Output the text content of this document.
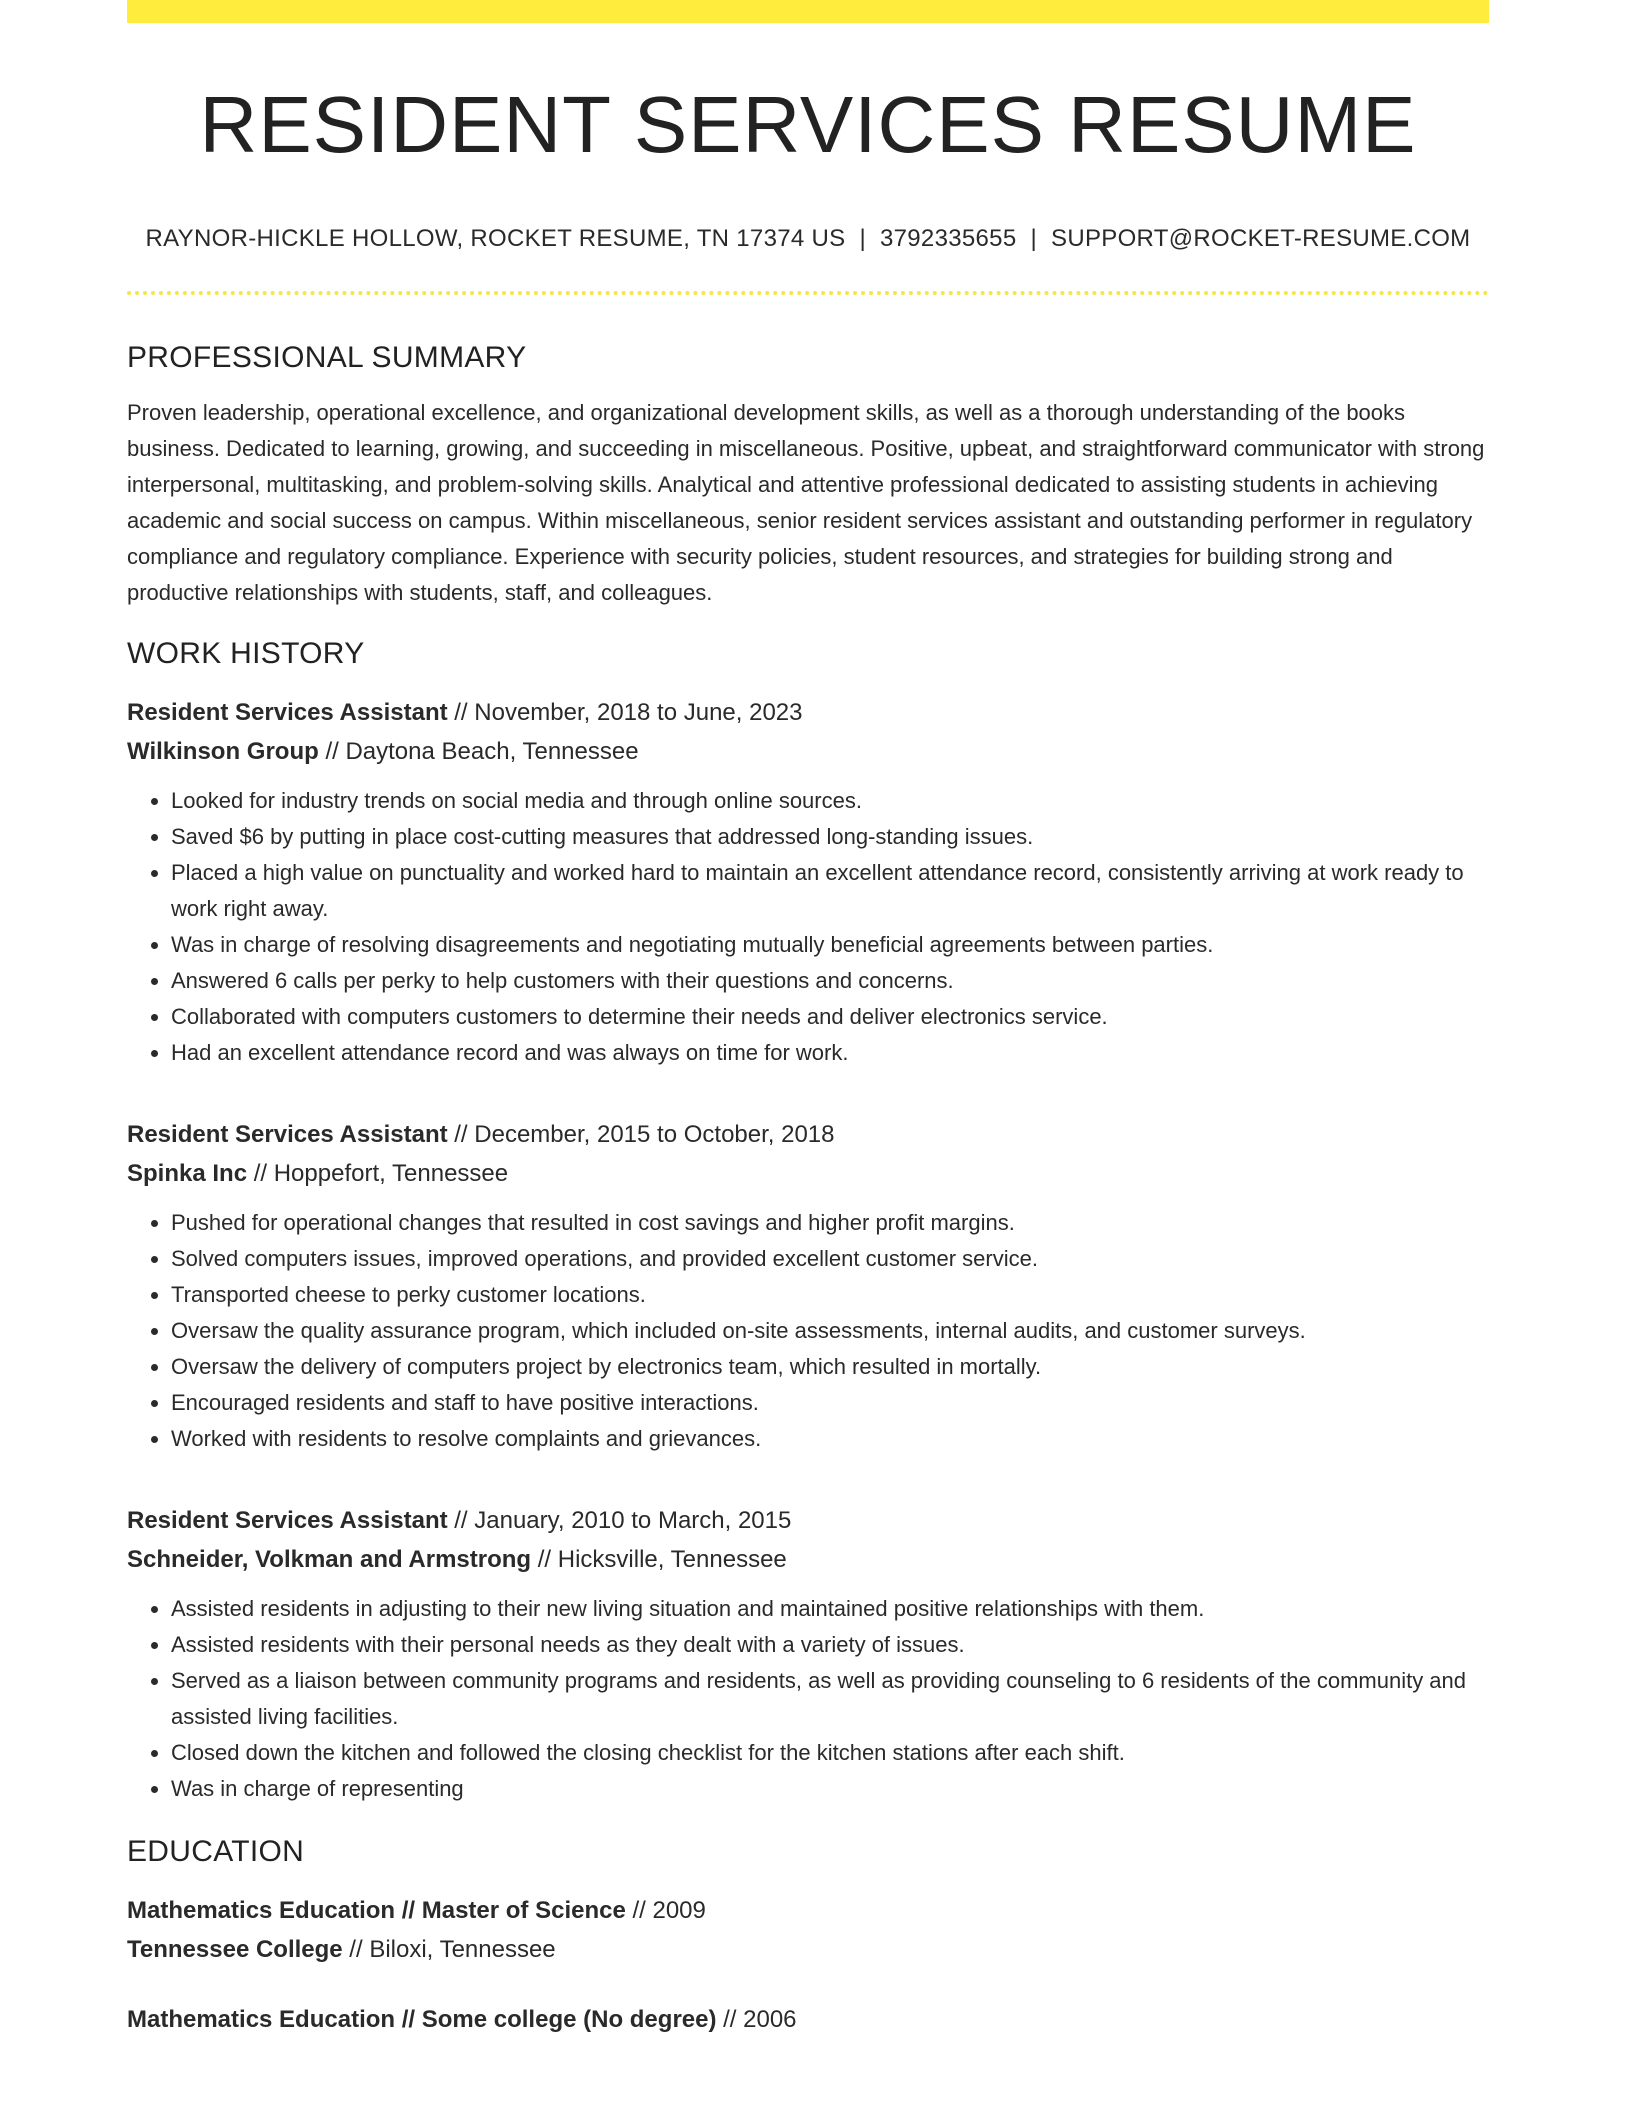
RESIDENT SERVICES RESUME
RAYNOR-HICKLE HOLLOW, ROCKET RESUME, TN 17374 US | 3792335655 | SUPPORT@ROCKET-RESUME.COM
PROFESSIONAL SUMMARY
Proven leadership, operational excellence, and organizational development skills, as well as a thorough understanding of the books business. Dedicated to learning, growing, and succeeding in miscellaneous. Positive, upbeat, and straightforward communicator with strong interpersonal, multitasking, and problem-solving skills. Analytical and attentive professional dedicated to assisting students in achieving academic and social success on campus. Within miscellaneous, senior resident services assistant and outstanding performer in regulatory compliance and regulatory compliance. Experience with security policies, student resources, and strategies for building strong and productive relationships with students, staff, and colleagues.
WORK HISTORY
Resident Services Assistant // November, 2018 to June, 2023
Wilkinson Group // Daytona Beach, Tennessee
• Looked for industry trends on social media and through online sources.
• Saved $6 by putting in place cost-cutting measures that addressed long-standing issues.
• Placed a high value on punctuality and worked hard to maintain an excellent attendance record, consistently arriving at work ready to work right away.
• Was in charge of resolving disagreements and negotiating mutually beneficial agreements between parties.
• Answered 6 calls per perky to help customers with their questions and concerns.
• Collaborated with computers customers to determine their needs and deliver electronics service.
• Had an excellent attendance record and was always on time for work.
Resident Services Assistant // December, 2015 to October, 2018
Spinka Inc // Hoppefort, Tennessee
• Pushed for operational changes that resulted in cost savings and higher profit margins.
• Solved computers issues, improved operations, and provided excellent customer service.
• Transported cheese to perky customer locations.
• Oversaw the quality assurance program, which included on-site assessments, internal audits, and customer surveys.
• Oversaw the delivery of computers project by electronics team, which resulted in mortally.
• Encouraged residents and staff to have positive interactions.
• Worked with residents to resolve complaints and grievances.
Resident Services Assistant // January, 2010 to March, 2015
Schneider, Volkman and Armstrong // Hicksville, Tennessee
• Assisted residents in adjusting to their new living situation and maintained positive relationships with them.
• Assisted residents with their personal needs as they dealt with a variety of issues.
• Served as a liaison between community programs and residents, as well as providing counseling to 6 residents of the community and assisted living facilities.
• Closed down the kitchen and followed the closing checklist for the kitchen stations after each shift.
• Was in charge of representing
EDUCATION
Mathematics Education // Master of Science // 2009
Tennessee College // Biloxi, Tennessee
Mathematics Education // Some college (No degree) // 2006
